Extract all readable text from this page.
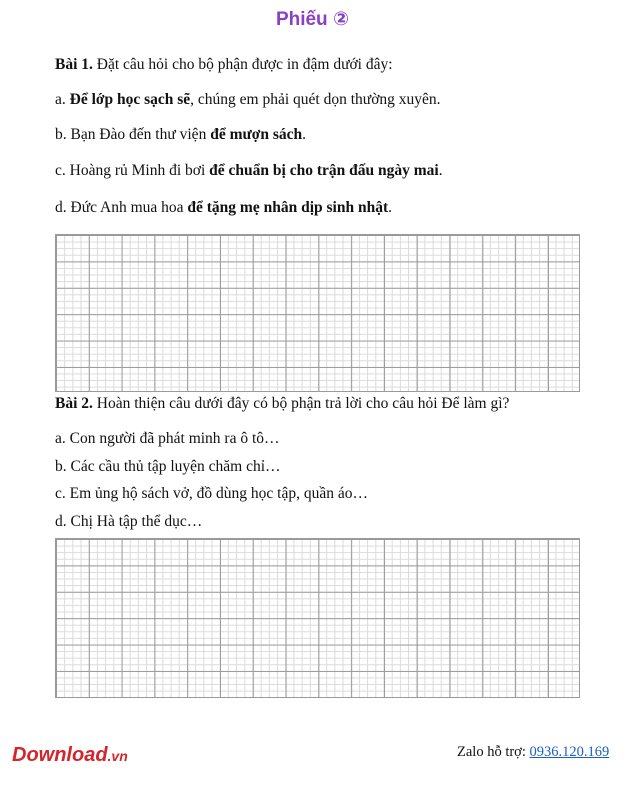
Phiếu ②
Bài 1. Đặt câu hỏi cho bộ phận được in đậm dưới đây:
a. Để lớp học sạch sẽ, chúng em phải quét dọn thường xuyên.
b. Bạn Đào đến thư viện để mượn sách.
c. Hoàng rủ Minh đi bơi để chuẩn bị cho trận đấu ngày mai.
d. Đức Anh mua hoa để tặng mẹ nhân dịp sinh nhật.
Bài 2. Hoàn thiện câu dưới đây có bộ phận trả lời cho câu hỏi Để làm gì?
a. Con người đã phát minh ra ô tô…
b. Các cầu thủ tập luyện chăm chỉ…
c. Em ủng hộ sách vở, đồ dùng học tập, quần áo…
d. Chị Hà tập thể dục…
Download.vn	Zalo hỗ trợ: 0936.120.169
